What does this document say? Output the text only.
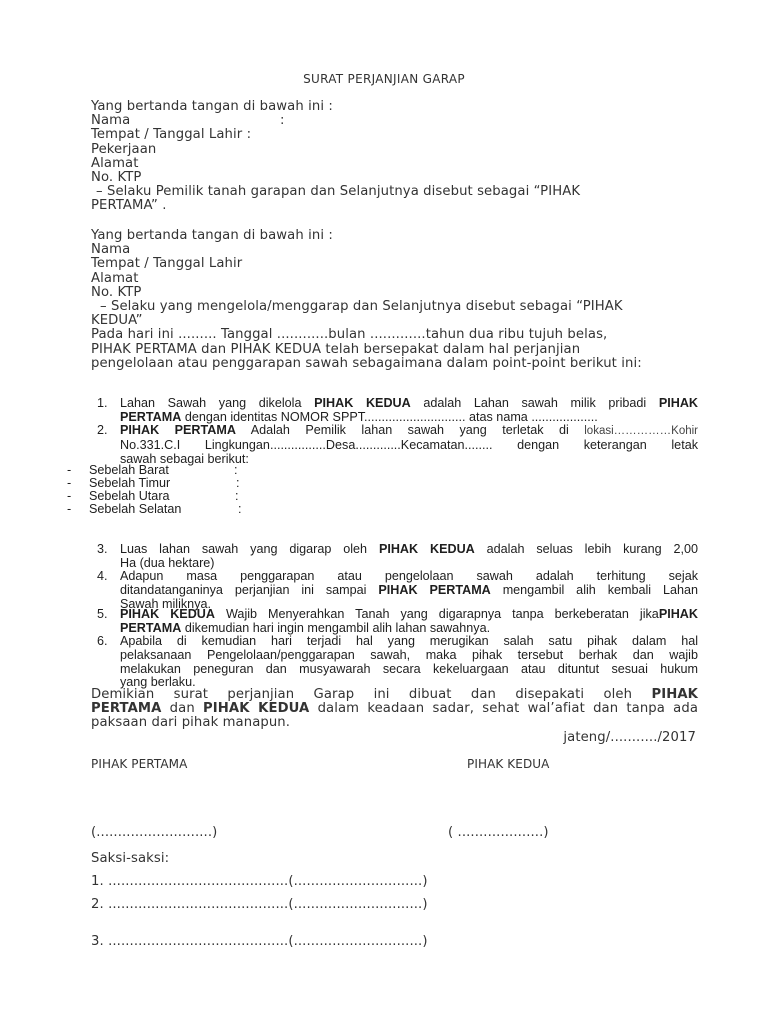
SURAT PERJANJIAN GARAP
Yang bertanda tangan di bawah ini :
Nama	:
Tempat / Tanggal Lahir :
Pekerjaan
Alamat
No. KTP
– Selaku Pemilik tanah garapan dan Selanjutnya disebut sebagai “PIHAK
PERTAMA” .
Yang bertanda tangan di bawah ini :
Nama
Tempat / Tanggal Lahir
Alamat
No. KTP
– Selaku yang mengelola/menggarap dan Selanjutnya disebut sebagai “PIHAK
KEDUA”
Pada hari ini ......... Tanggal ............bulan .............tahun dua ribu tujuh belas,
PIHAK PERTAMA dan PIHAK KEDUA telah bersepakat dalam hal perjanjian
pengelolaan atau penggarapan sawah sebagaimana dalam point-point berikut ini:
1. Lahan Sawah yang dikelola PIHAK KEDUA adalah Lahan sawah milik pribadi PIHAK
PERTAMA dengan identitas NOMOR SPPT............................. atas nama ...................
2. PIHAK PERTAMA Adalah Pemilik lahan sawah yang terletak di lokasi……………Kohir
No.331.C.I Lingkungan................Desa.............Kecamatan........ dengan keterangan letak
sawah sebagai berikut:
- Sebelah Barat	:
- Sebelah Timur	:
- Sebelah Utara	:
- Sebelah Selatan	:
3. Luas lahan sawah yang digarap oleh PIHAK KEDUA adalah seluas lebih kurang 2,00
Ha (dua hektare)
4. Adapun masa penggarapan atau pengelolaan sawah adalah terhitung sejak
ditandatanganinya perjanjian ini sampai PIHAK PERTAMA mengambil alih kembali Lahan
Sawah miliknya.
5. PIHAK KEDUA Wajib Menyerahkan Tanah yang digarapnya tanpa berkeberatan jikaPIHAK
PERTAMA dikemudian hari ingin mengambil alih lahan sawahnya.
6. Apabila di kemudian hari terjadi hal yang merugikan salah satu pihak dalam hal
pelaksanaan Pengelolaan/penggarapan sawah, maka pihak tersebut berhak dan wajib
melakukan peneguran dan musyawarah secara kekeluargaan atau dituntut sesuai hukum
yang berlaku.
Demikian surat perjanjian Garap ini dibuat dan disepakati oleh PIHAK
PERTAMA dan PIHAK KEDUA dalam keadaan sadar, sehat wal’afiat dan tanpa ada
paksaan dari pihak manapun.
jateng/.........../2017
PIHAK PERTAMA	PIHAK KEDUA
(...........................)	( ....................)
Saksi-saksi:
1. ..........................................(..............................)
2. ..........................................(..............................)
3. ..........................................(..............................)
